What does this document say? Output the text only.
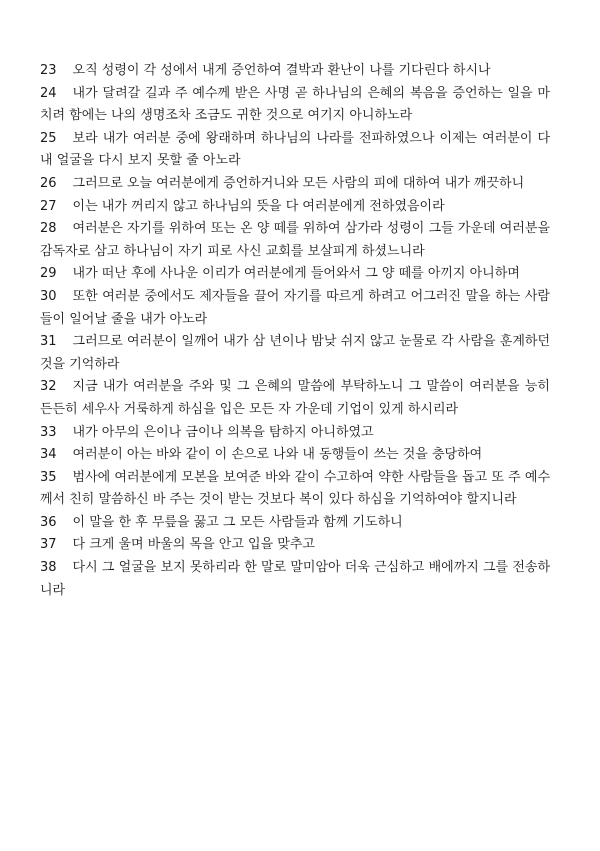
23 오직 성령이 각 성에서 내게 증언하여 결박과 환난이 나를 기다린다 하시나

24 내가 달려갈 길과 주 예수께 받은 사명 곧 하나님의 은혜의 복음을 증언하는 일을 마치려 함에는 나의 생명조차 조금도 귀한 것으로 여기지 아니하노라

25 보라 내가 여러분 중에 왕래하며 하나님의 나라를 전파하였으나 이제는 여러분이 다 내 얼굴을 다시 보지 못할 줄 아노라

26 그러므로 오늘 여러분에게 증언하거니와 모든 사람의 피에 대하여 내가 깨끗하니

27 이는 내가 꺼리지 않고 하나님의 뜻을 다 여러분에게 전하였음이라

28 여러분은 자기를 위하여 또는 온 양 떼를 위하여 삼가라 성령이 그들 가운데 여러분을 감독자로 삼고 하나님이 자기 피로 사신 교회를 보살피게 하셨느니라

29 내가 떠난 후에 사나운 이리가 여러분에게 들어와서 그 양 떼를 아끼지 아니하며

30 또한 여러분 중에서도 제자들을 끌어 자기를 따르게 하려고 어그러진 말을 하는 사람들이 일어날 줄을 내가 아노라

31 그러므로 여러분이 일깨어 내가 삼 년이나 밤낮 쉬지 않고 눈물로 각 사람을 훈계하던 것을 기억하라

32 지금 내가 여러분을 주와 및 그 은혜의 말씀에 부탁하노니 그 말씀이 여러분을 능히 든든히 세우사 거룩하게 하심을 입은 모든 자 가운데 기업이 있게 하시리라

33 내가 아무의 은이나 금이나 의복을 탐하지 아니하였고

34 여러분이 아는 바와 같이 이 손으로 나와 내 동행들이 쓰는 것을 충당하여

35 범사에 여러분에게 모본을 보여준 바와 같이 수고하여 약한 사람들을 돕고 또 주 예수께서 친히 말씀하신 바 주는 것이 받는 것보다 복이 있다 하심을 기억하여야 할지니라

36 이 말을 한 후 무릎을 꿇고 그 모든 사람들과 함께 기도하니

37 다 크게 울며 바울의 목을 안고 입을 맞추고

38 다시 그 얼굴을 보지 못하리라 한 말로 말미암아 더욱 근심하고 배에까지 그를 전송하니라
